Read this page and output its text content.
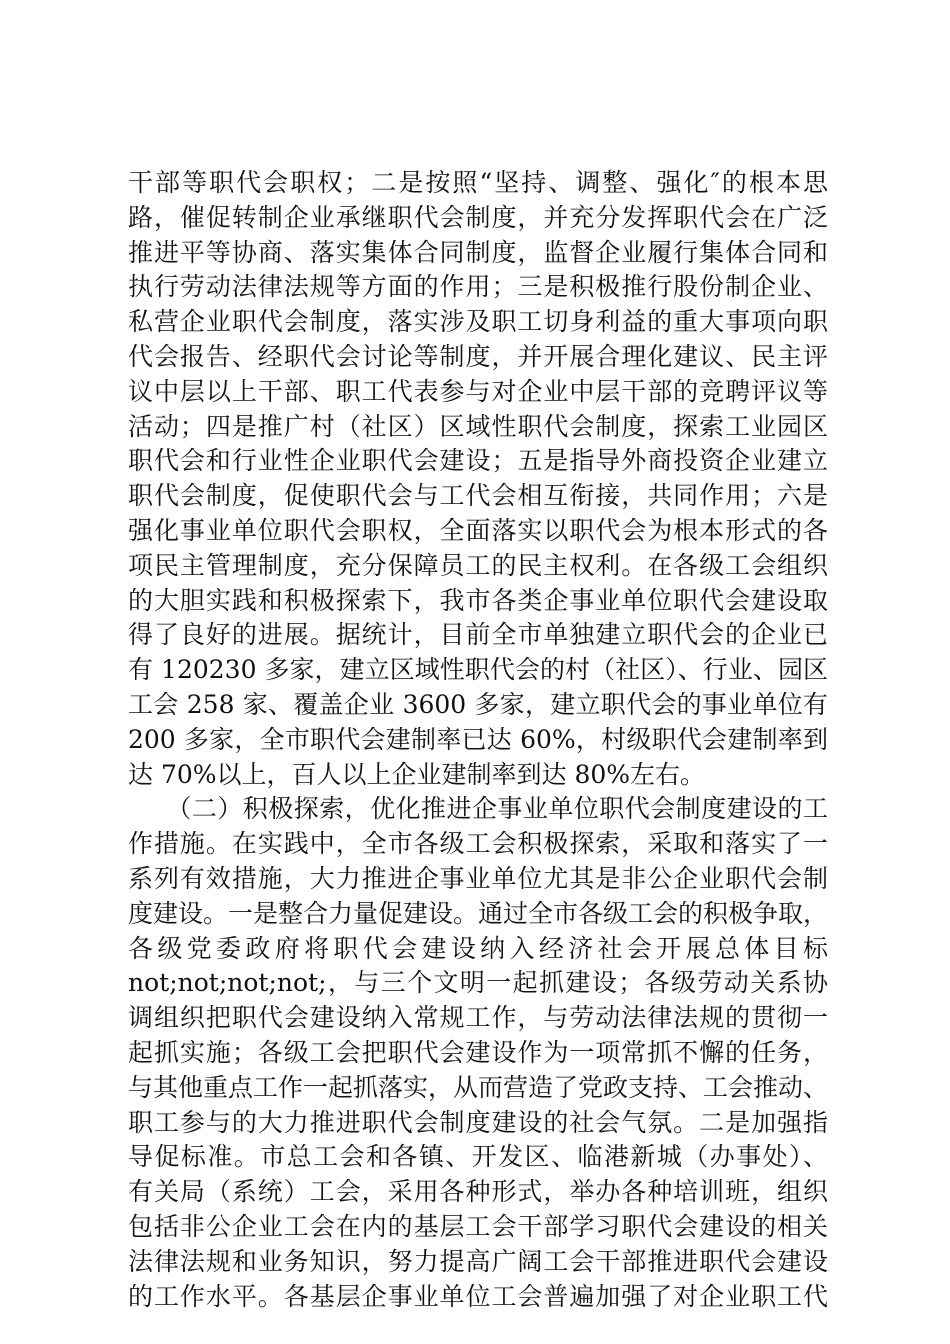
干部等职代会职权；二是按照“坚持、调整、强化″的根本思
路，催促转制企业承继职代会制度，并充分发挥职代会在广泛
推进平等协商、落实集体合同制度，监督企业履行集体合同和
执行劳动法律法规等方面的作用；三是积极推行股份制企业、
私营企业职代会制度，落实涉及职工切身利益的重大事项向职
代会报告、经职代会讨论等制度，并开展合理化建议、民主评
议中层以上干部、职工代表参与对企业中层干部的竞聘评议等
活动；四是推广村（社区）区域性职代会制度，探索工业园区
职代会和行业性企业职代会建设；五是指导外商投资企业建立
职代会制度，促使职代会与工代会相互衔接，共同作用；六是
强化事业单位职代会职权，全面落实以职代会为根本形式的各
项民主管理制度，充分保障员工的民主权利。在各级工会组织
的大胆实践和积极探索下，我市各类企事业单位职代会建设取
得了良好的进展。据统计，目前全市单独建立职代会的企业已
有 120230 多家，建立区域性职代会的村（社区）、行业、园区
工会 258 家、覆盖企业 3600 多家，建立职代会的事业单位有
200 多家，全市职代会建制率已达 60%，村级职代会建制率到
达 70%以上，百人以上企业建制率到达 80%左右。
　　（二）积极探索，优化推进企事业单位职代会制度建设的工
作措施。在实践中，全市各级工会积极探索，采取和落实了一
系列有效措施，大力推进企事业单位尤其是非公企业职代会制
度建设。一是整合力量促建设。通过全市各级工会的积极争取，
各级党委政府将职代会建设纳入经济社会开展总体目标
not;not;not;not;，与三个文明一起抓建设；各级劳动关系协
调组织把职代会建设纳入常规工作，与劳动法律法规的贯彻一
起抓实施；各级工会把职代会建设作为一项常抓不懈的任务，
与其他重点工作一起抓落实，从而营造了党政支持、工会推动、
职工参与的大力推进职代会制度建设的社会气氛。二是加强指
导促标准。市总工会和各镇、开发区、临港新城（办事处）、
有关局（系统）工会，采用各种形式，举办各种培训班，组织
包括非公企业工会在内的基层工会干部学习职代会建设的相关
法律法规和业务知识，努力提高广阔工会干部推进职代会建设
的工作水平。各基层企事业单位工会普遍加强了对企业职工代
